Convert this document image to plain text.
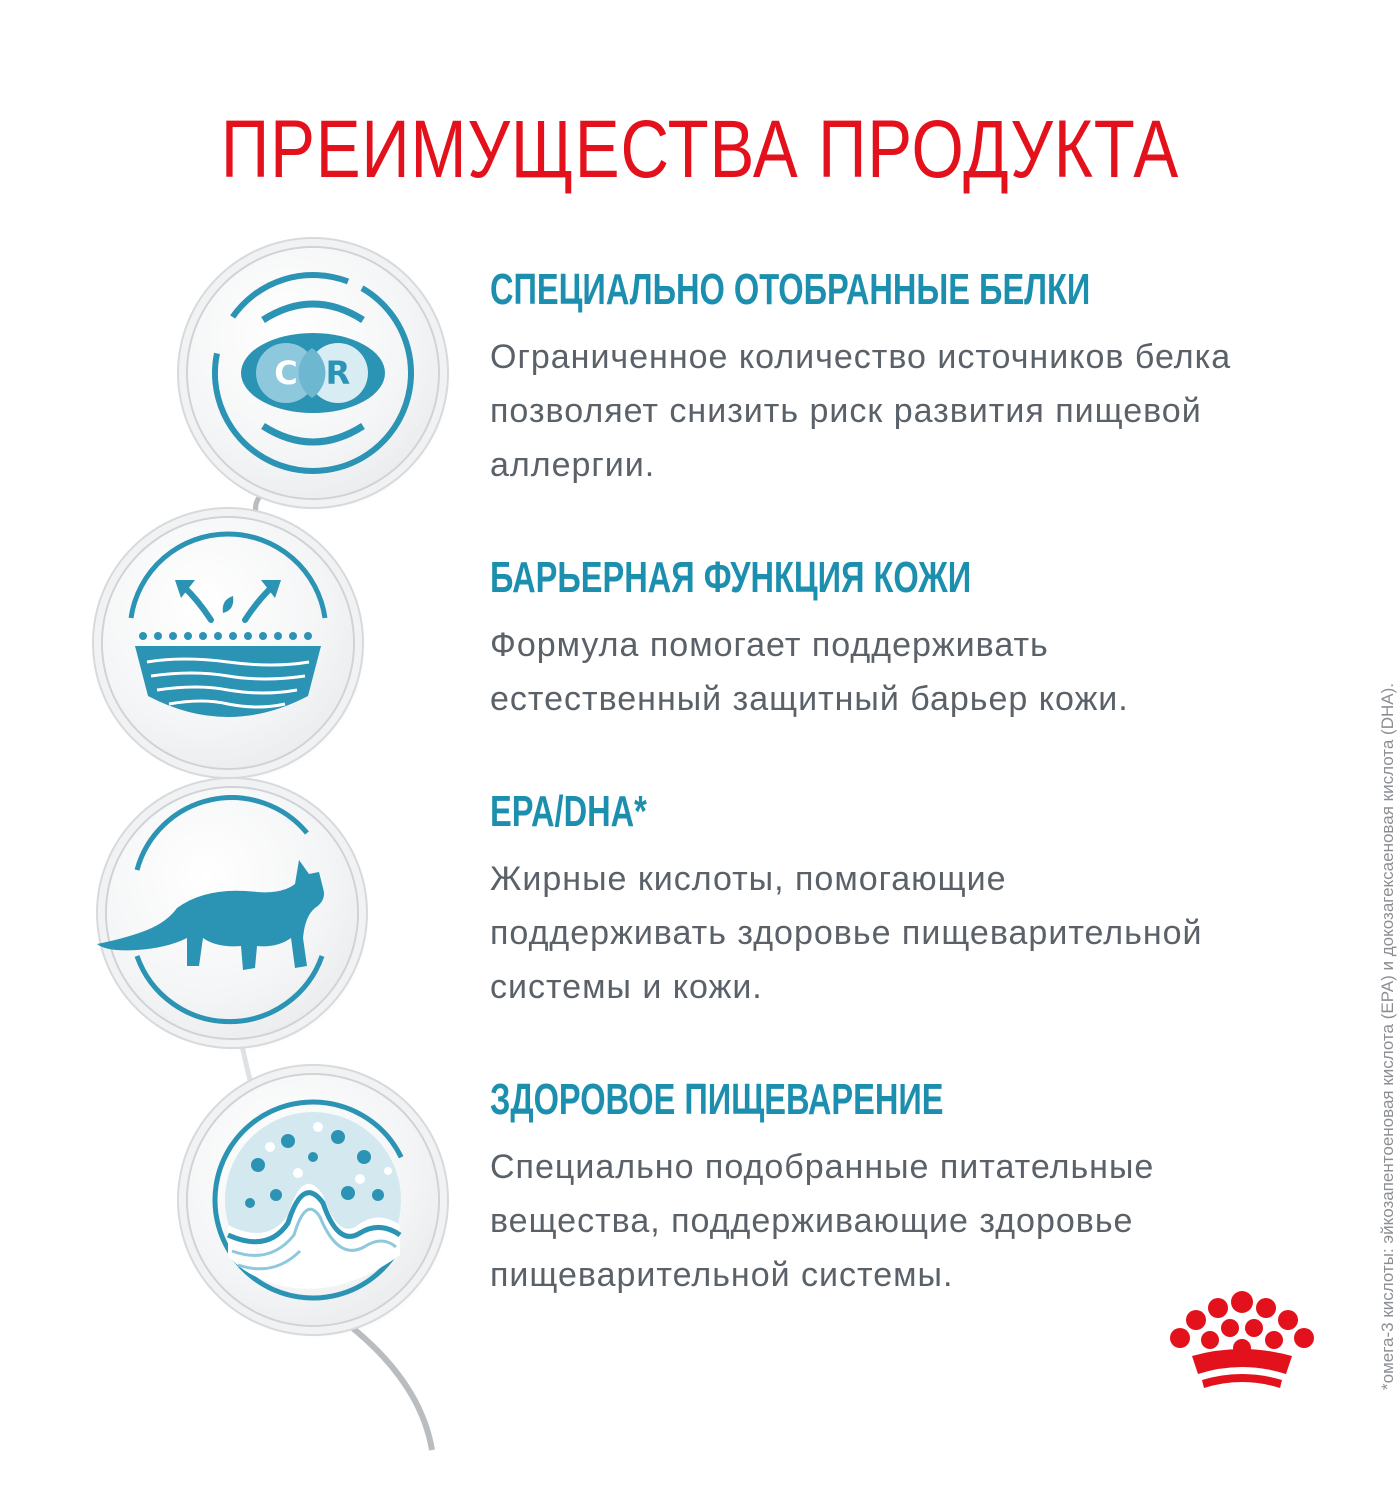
ПРЕИМУЩЕСТВА ПРОДУКТА
C R
СПЕЦИАЛЬНО ОТОБРАННЫЕ БЕЛКИ

Ограниченное количество источников белка позволяет снизить риск развития пищевой аллергии.

БАРЬЕРНАЯ ФУНКЦИЯ КОЖИ

Формула помогает поддерживать естественный защитный барьер кожи.

EPA/DHA*

Жирные кислоты, помогающие поддерживать здоровье пищеварительной системы и кожи.

ЗДОРОВОЕ ПИЩЕВАРЕНИЕ

Специально подобранные питательные вещества, поддерживающие здоровье пищеварительной системы.	*омега-3 кислоты: эйкозапентоеновая кислота (EPA) и докозагексаеновая кислота (DHA).
